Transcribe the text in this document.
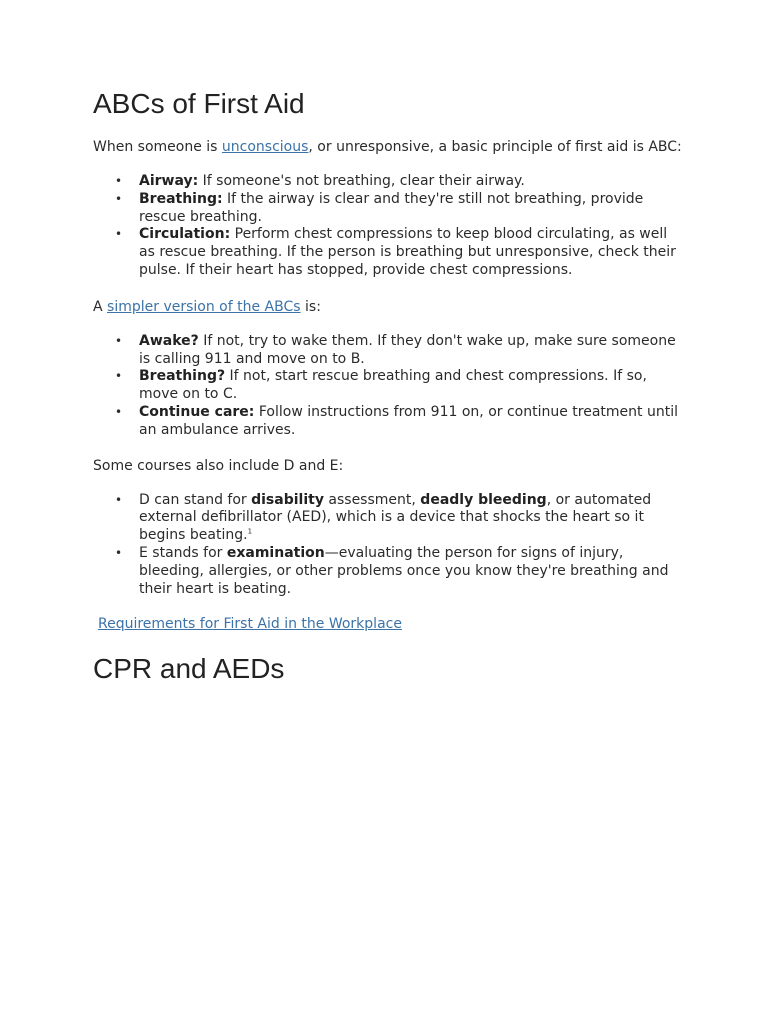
ABCs of First Aid

When someone is unconscious, or unresponsive, a basic principle of first aid is ABC:

• Airway: If someone's not breathing, clear their airway.
• Breathing: If the airway is clear and they're still not breathing, provide rescue breathing.
• Circulation: Perform chest compressions to keep blood circulating, as well as rescue breathing. If the person is breathing but unresponsive, check their pulse. If their heart has stopped, provide chest compressions.

A simpler version of the ABCs is:

• Awake? If not, try to wake them. If they don't wake up, make sure someone is calling 911 and move on to B.
• Breathing? If not, start rescue breathing and chest compressions. If so, move on to C.
• Continue care: Follow instructions from 911 on, or continue treatment until an ambulance arrives.

Some courses also include D and E:

• D can stand for disability assessment, deadly bleeding, or automated external defibrillator (AED), which is a device that shocks the heart so it begins beating.$^1$
• E stands for examination—evaluating the person for signs of injury, bleeding, allergies, or other problems once you know they're breathing and their heart is beating.

Requirements for First Aid in the Workplace

CPR and AEDs
